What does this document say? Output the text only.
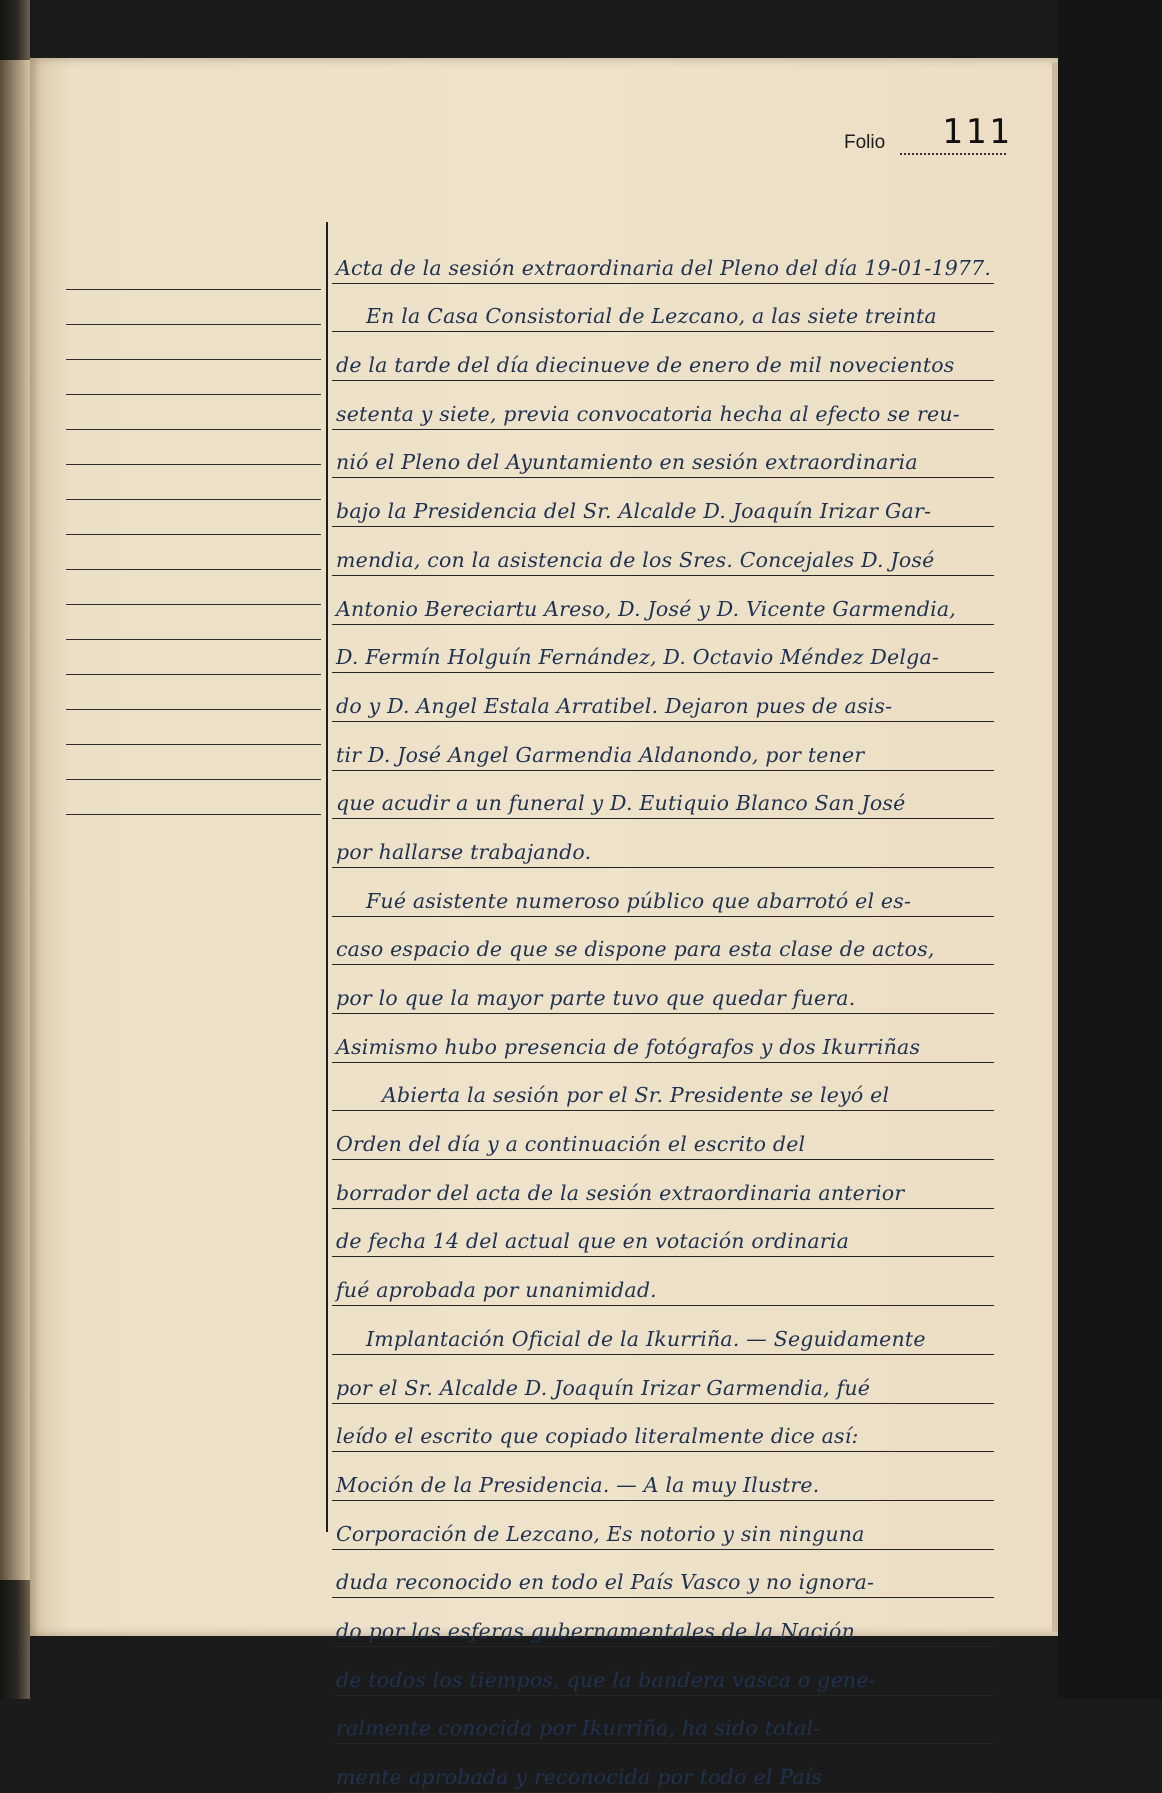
Folio 111
Acta de la sesión extraordinaria del Pleno del día 19-01-1977.
En la Casa Consistorial de Lezcano, a las siete treinta
de la tarde del día diecinueve de enero de mil novecientos
setenta y siete, previa convocatoria hecha al efecto se reu-
nió el Pleno del Ayuntamiento en sesión extraordinaria
bajo la Presidencia del Sr. Alcalde D. Joaquín Irizar Gar-
mendia, con la asistencia de los Sres. Concejales D. José
Antonio Bereciartu Areso, D. José y D. Vicente Garmendia,
D. Fermín Holguín Fernández, D. Octavio Méndez Delga-
do y D. Angel Estala Arratibel. Dejaron pues de asis-
tir D. José Angel Garmendia Aldanondo, por tener
que acudir a un funeral y D. Eutiquio Blanco San José
por hallarse trabajando.
Fué asistente numeroso público que abarrotó el es-
caso espacio de que se dispone para esta clase de actos,
por lo que la mayor parte tuvo que quedar fuera.
Asimismo hubo presencia de fotógrafos y dos Ikurriñas
Abierta la sesión por el Sr. Presidente se leyó el
Orden del día y a continuación el escrito del
borrador del acta de la sesión extraordinaria anterior
de fecha 14 del actual que en votación ordinaria
fué aprobada por unanimidad.
Implantación Oficial de la Ikurriña. — Seguidamente
por el Sr. Alcalde D. Joaquín Irizar Garmendia, fué
leído el escrito que copiado literalmente dice así:
Moción de la Presidencia. — A la muy Ilustre.
Corporación de Lezcano, Es notorio y sin ninguna
duda reconocido en todo el País Vasco y no ignora-
do por las esferas gubernamentales de la Nación
de todos los tiempos, que la bandera vasca o gene-
ralmente conocida por Ikurriña, ha sido total-
mente aprobada y reconocida por todo el País
